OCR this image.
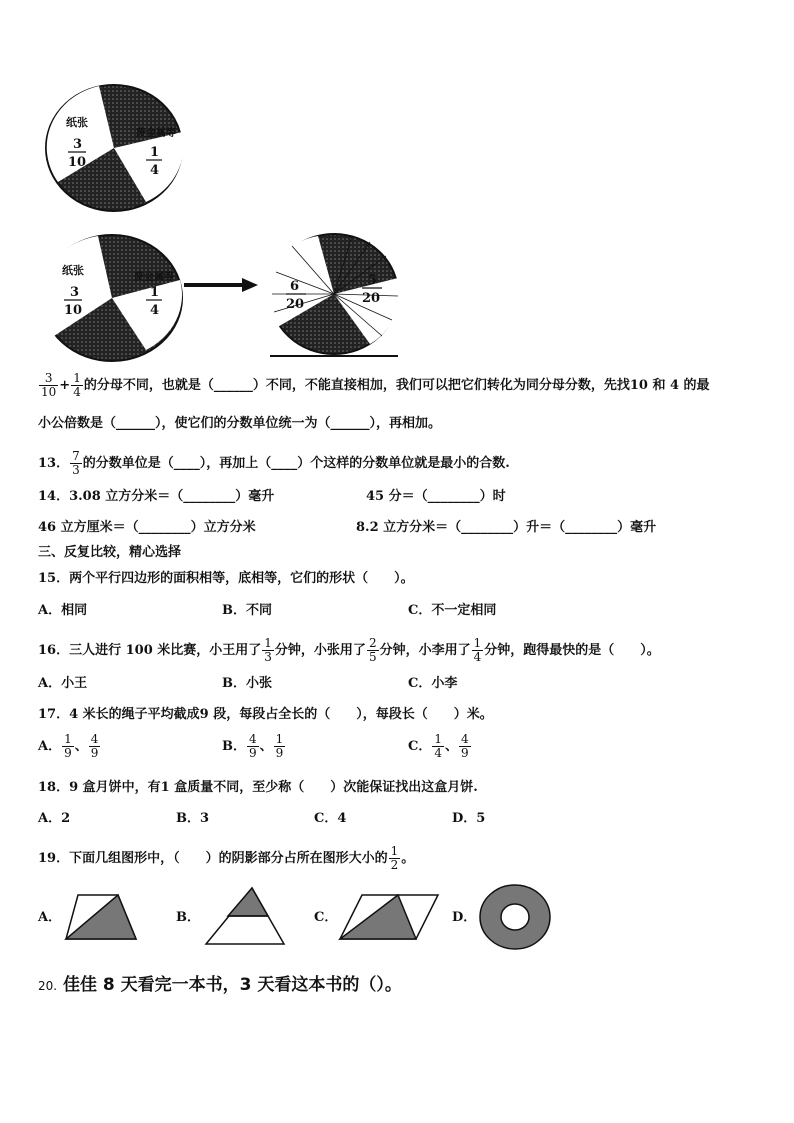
纸张
3
10
废金属等
1
4
纸张
3
10
废金属等
1
4
6
20
5
20
$\frac{3}{10} + \frac{1}{4}$ 的分母不同，也就是（______）不同，不能直接相加，我们可以把它们转化为同分母分数，先找10 和 4 的最
小公倍数是（______），使它们的分数单位统一为（______），再相加。
13． $\frac{7}{3}$ 的分数单位是（____），再加上（____）个这样的分数单位就是最小的合数.
14．3.08 立方分米＝（________）毫升	45 分＝（________）时
46 立方厘米＝（________）立方分米	8.2 立方分米＝（________）升＝（________）毫升
三、反复比较，精心选择
15．两个平行四边形的面积相等，底相等，它们的形状（　　）。
A．相同	B．不同	C．不一定相同
16．三人进行 100 米比赛，小王用了 $\frac{1}{3}$ 分钟，小张用了 $\frac{2}{5}$ 分钟，小李用了 $\frac{1}{4}$ 分钟，跑得最快的是（　　）。
A．小王	B．小张	C．小李
17．4 米长的绳子平均截成9 段，每段占全长的（　　），每段长（　　）米。
A． $\frac{1}{9}$ 、 $\frac{4}{9}$	B． $\frac{4}{9}$ 、 $\frac{1}{9}$	C． $\frac{1}{4}$ 、 $\frac{4}{9}$
18．9 盒月饼中，有1 盒质量不同，至少称（　　）次能保证找出这盒月饼.
A．2	B．3	C．4	D．5
19．下面几组图形中，（　　）的阴影部分占所在图形大小的 $\frac{1}{2}$ 。
A．	B．	C．	D．
20. 佳佳 8 天看完一本书，3 天看这本书的（）。
